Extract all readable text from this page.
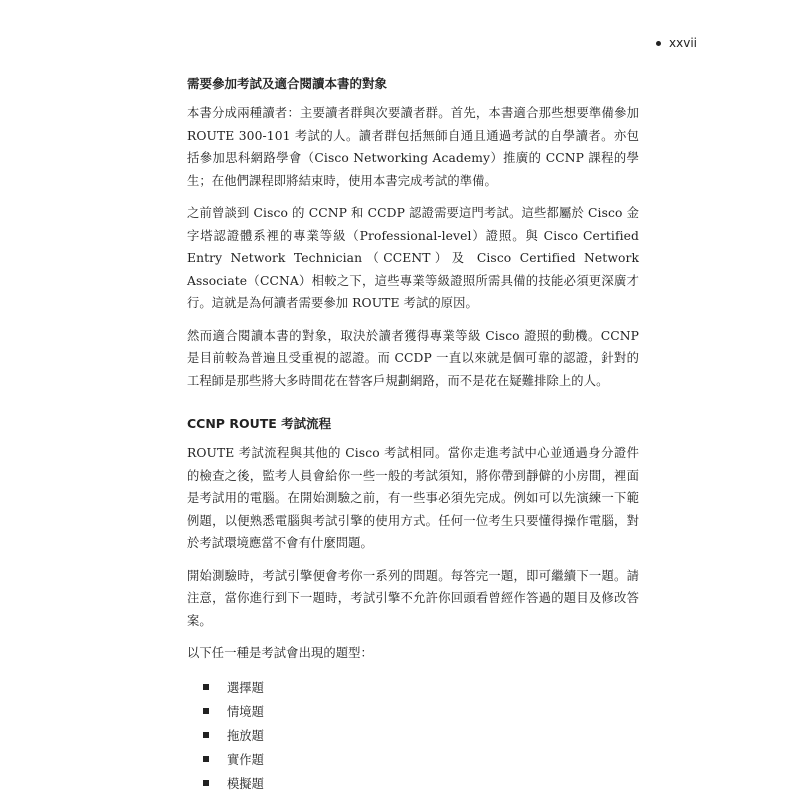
xxvii
需要參加考試及適合閱讀本書的對象

本書分成兩種讀者：主要讀者群與次要讀者群。首先，本書適合那些想要準備參加 ROUTE 300-101 考試的人。讀者群包括無師自通且通過考試的自學讀者。亦包括參加思科網路學會（Cisco Networking Academy）推廣的 CCNP 課程的學生；在他們課程即將結束時，使用本書完成考試的準備。

之前曾談到 Cisco 的 CCNP 和 CCDP 認證需要這門考試。這些都屬於 Cisco 金字塔認證體系裡的專業等級（Professional-level）證照。與 Cisco Certified Entry Network Technician（CCENT）及 Cisco Certified Network Associate（CCNA）相較之下，這些專業等級證照所需具備的技能必須更深廣才行。這就是為何讀者需要參加 ROUTE 考試的原因。

然而適合閱讀本書的對象，取決於讀者獲得專業等級 Cisco 證照的動機。CCNP 是目前較為普遍且受重視的認證。而 CCDP 一直以來就是個可靠的認證，針對的工程師是那些將大多時間花在替客戶規劃網路，而不是花在疑難排除上的人。

CCNP ROUTE 考試流程

ROUTE 考試流程與其他的 Cisco 考試相同。當你走進考試中心並通過身分證件的檢查之後，監考人員會給你一些一般的考試須知，將你帶到靜僻的小房間，裡面是考試用的電腦。在開始測驗之前，有一些事必須先完成。例如可以先演練一下範例題，以便熟悉電腦與考試引擎的使用方式。任何一位考生只要懂得操作電腦，對於考試環境應當不會有什麼問題。

開始測驗時，考試引擎便會考你一系列的問題。每答完一題，即可繼續下一題。請注意，當你進行到下一題時，考試引擎不允許你回頭看曾經作答過的題目及修改答案。

以下任一種是考試會出現的題型：

選擇題
情境題
拖放題
實作題
模擬題
